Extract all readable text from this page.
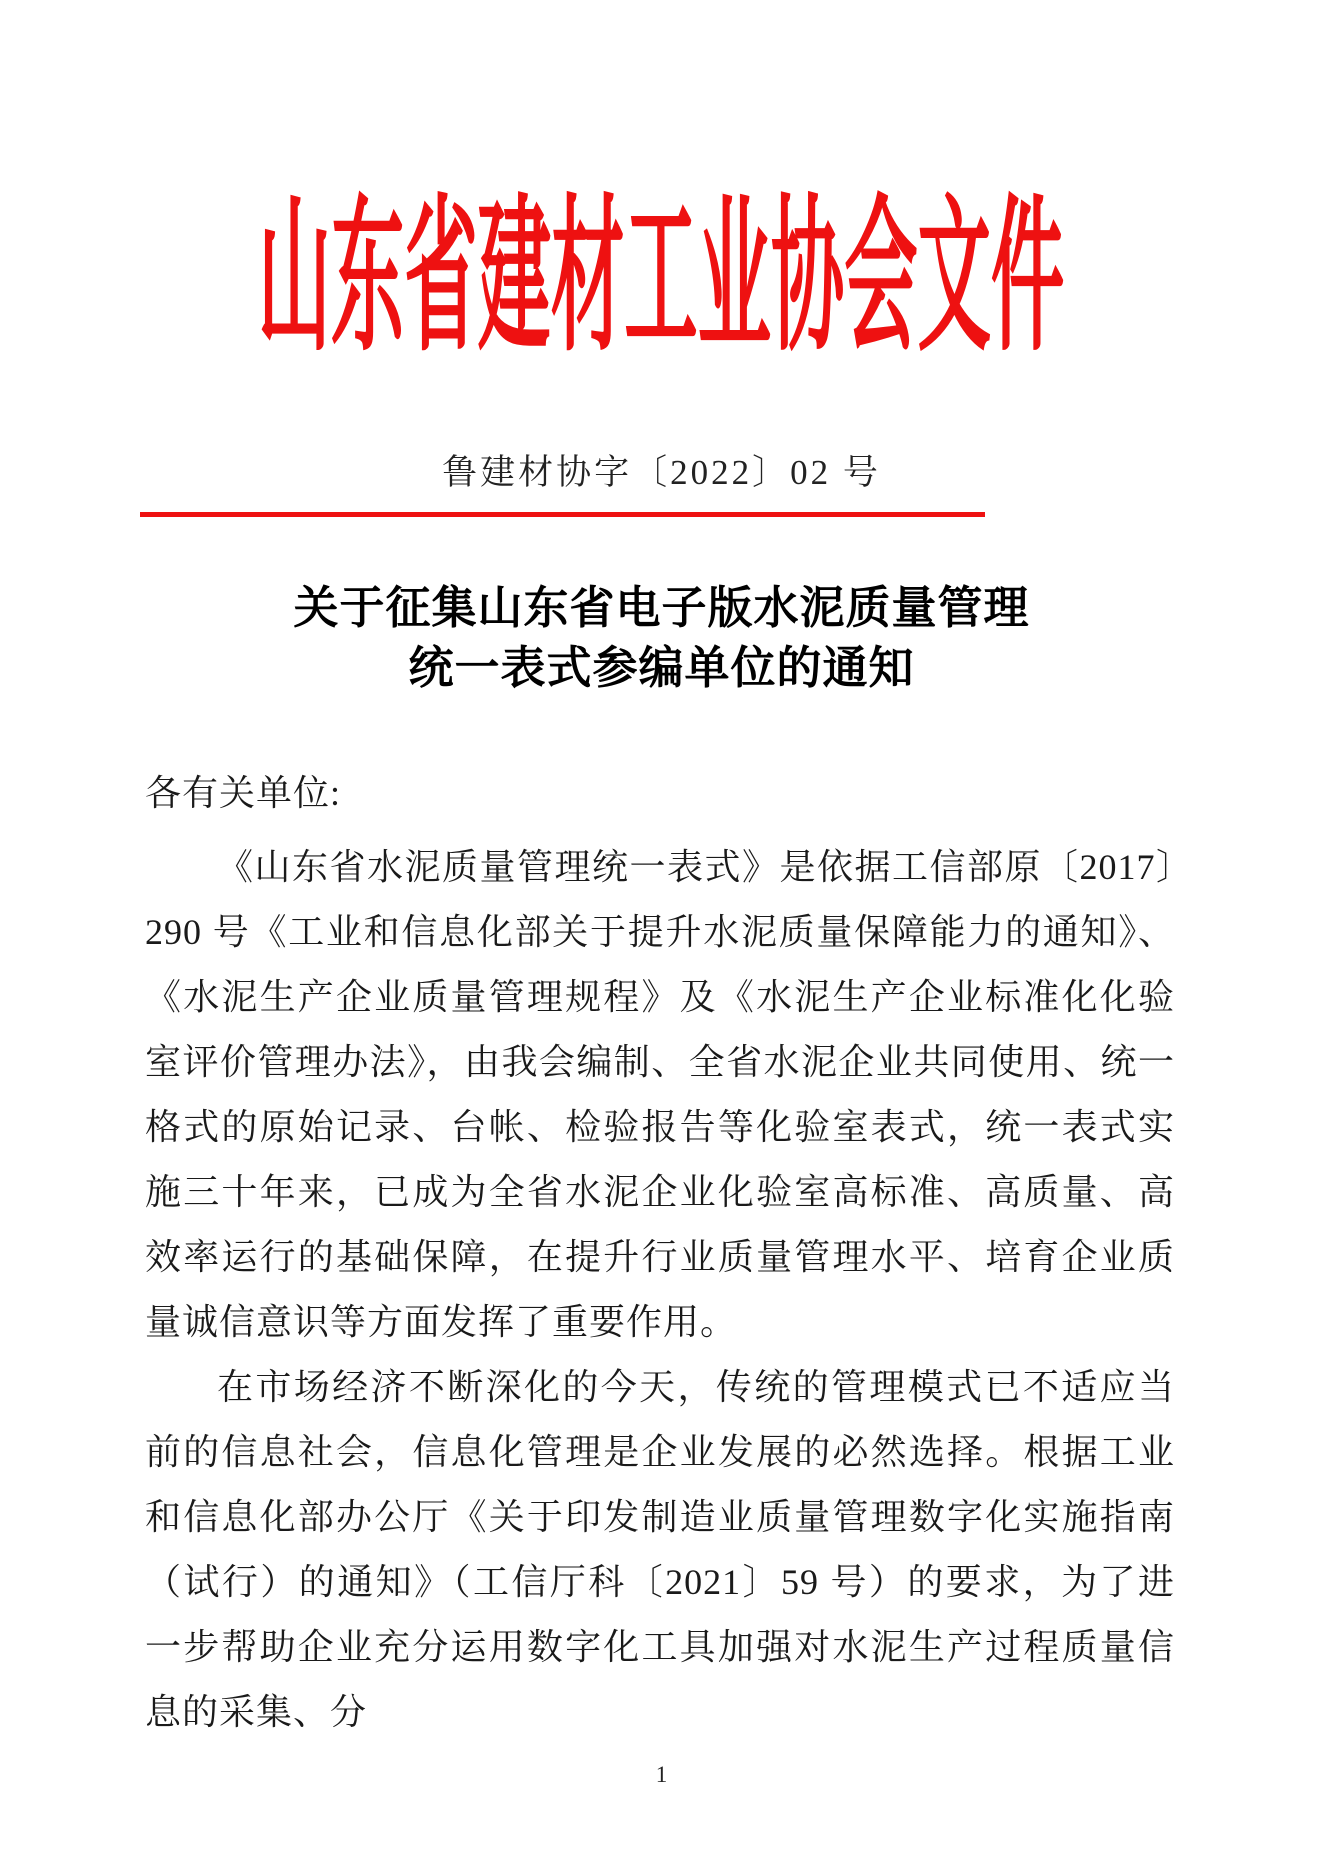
山东省建材工业协会文件
鲁建材协字〔2022〕02 号
关于征集山东省电子版水泥质量管理
统一表式参编单位的通知
各有关单位:

《山东省水泥质量管理统一表式》是依据工信部原〔2017〕290 号《工业和信息化部关于提升水泥质量保障能力的通知》、《水泥生产企业质量管理规程》及《水泥生产企业标准化化验室评价管理办法》，由我会编制、全省水泥企业共同使用、统一格式的原始记录、台帐、检验报告等化验室表式，统一表式实施三十年来，已成为全省水泥企业化验室高标准、高质量、高效率运行的基础保障，在提升行业质量管理水平、培育企业质量诚信意识等方面发挥了重要作用。

在市场经济不断深化的今天，传统的管理模式已不适应当前的信息社会，信息化管理是企业发展的必然选择。根据工业和信息化部办公厅《关于印发制造业质量管理数字化实施指南（试行）的通知》（工信厅科〔2021〕59 号）的要求，为了进一步帮助企业充分运用数字化工具加强对水泥生产过程质量信息的采集、分

1
